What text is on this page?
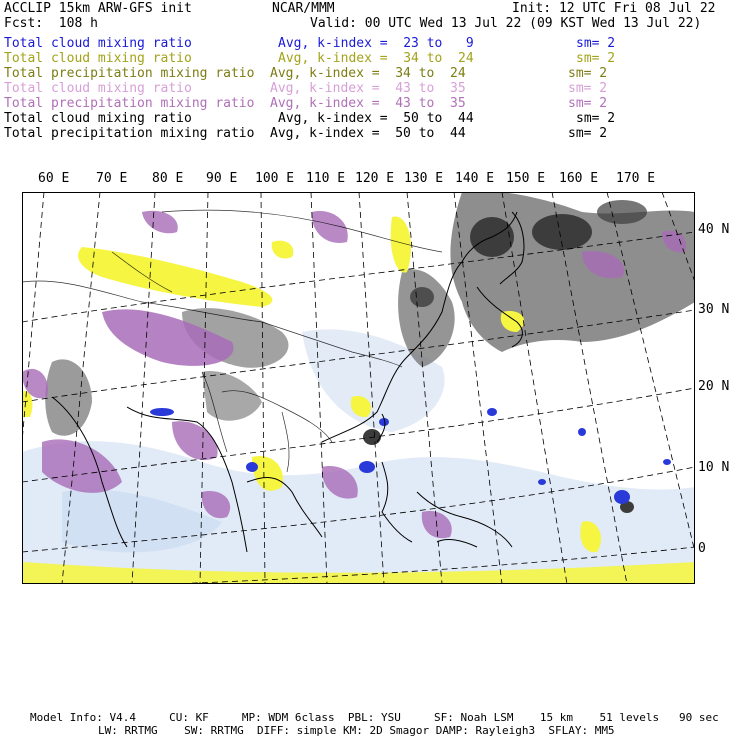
ACCLIP 15km ARW-GFS init	NCAR/MMM	Init: 12 UTC Fri 08 Jul 22
Fcst:  108 h	Valid: 00 UTC Wed 13 Jul 22 (09 KST Wed 13 Jul 22)
Total cloud mixing ratio	Avg, k-index =  23 to   9	sm= 2
Total cloud mixing ratio	Avg, k-index =  34 to  24	sm= 2
Total precipitation mixing ratio Avg, k-index =  34 to  24	sm= 2
Total cloud mixing ratio	Avg, k-index =  43 to  35	sm= 2
Total precipitation mixing ratio Avg, k-index =  43 to  35	sm= 2
Total cloud mixing ratio	Avg, k-index =  50 to  44	sm= 2
Total precipitation mixing ratio Avg, k-index =  50 to  44	sm= 2
60 E 70 E 80 E 90 E 100 E 110 E 120 E 130 E 140 E 150 E 160 E 170 E
40 N
30 N
20 N
10 N
0
Model Info: V4.4     CU: KF     MP: WDM 6class  PBL: YSU     SF: Noah LSM    15 km    51 levels   90 sec
LW: RRTMG    SW: RRTMG  DIFF: simple KM: 2D Smagor DAMP: Rayleigh3  SFLAY: MM5
